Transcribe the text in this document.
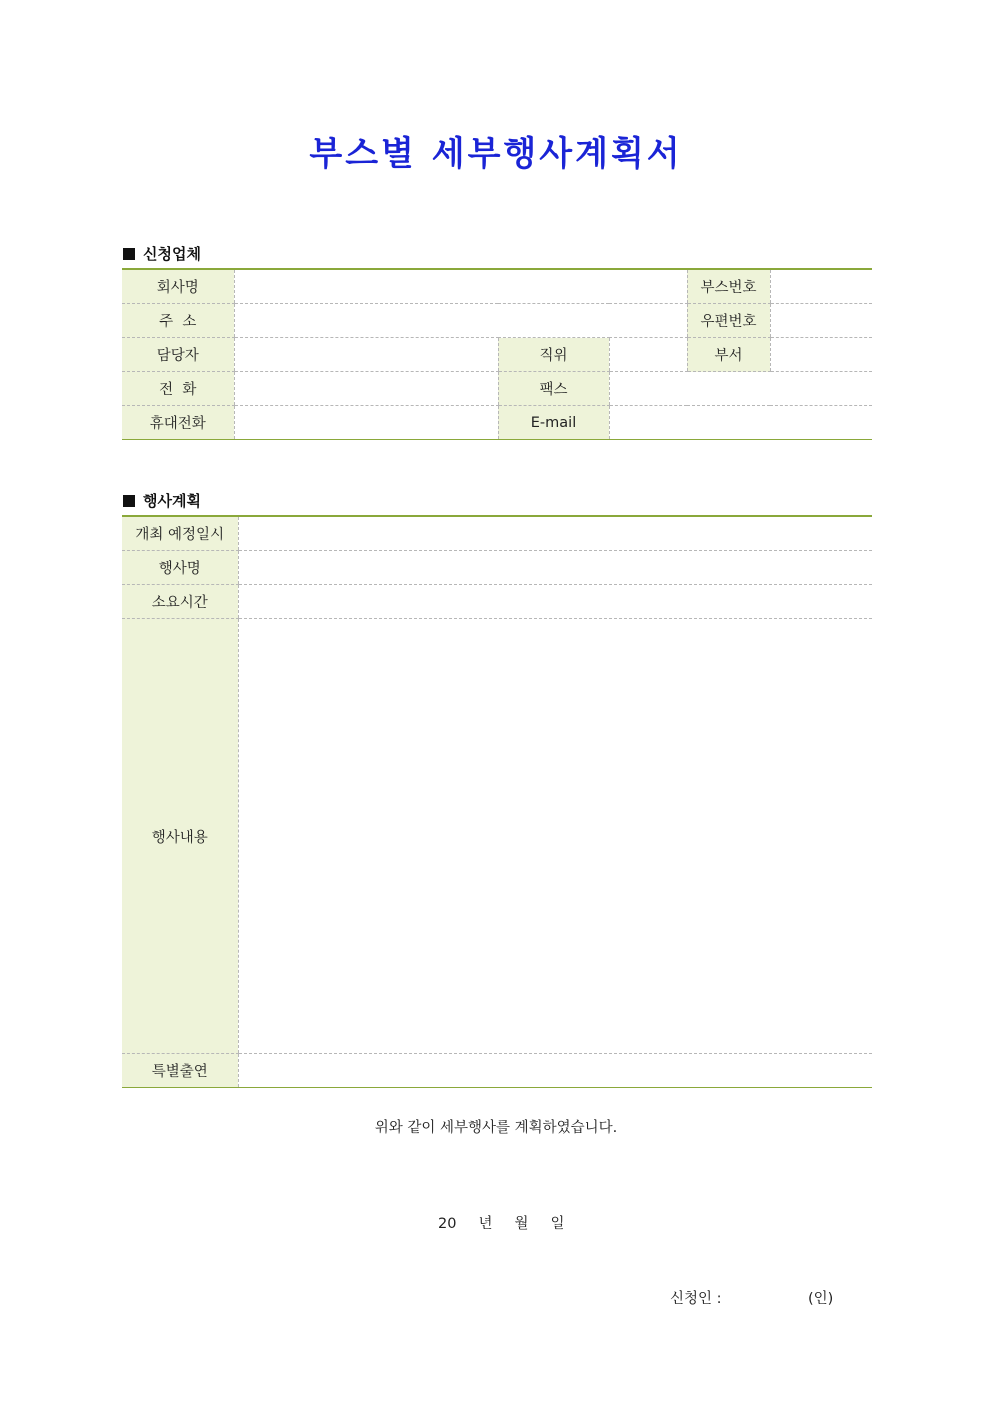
부스별 세부행사계획서
신청업체
회사명				부스번호	
주  소				우편번호	
담당자		직위		부서	
전  화		팩스			
휴대전화		E-mail			
행사계획
개최 예정일시	
행사명	
소요시간	
행사내용	
특별출연	
위와 같이 세부행사를 계획하였습니다.
20 년 월 일
신청인 :	(인)
